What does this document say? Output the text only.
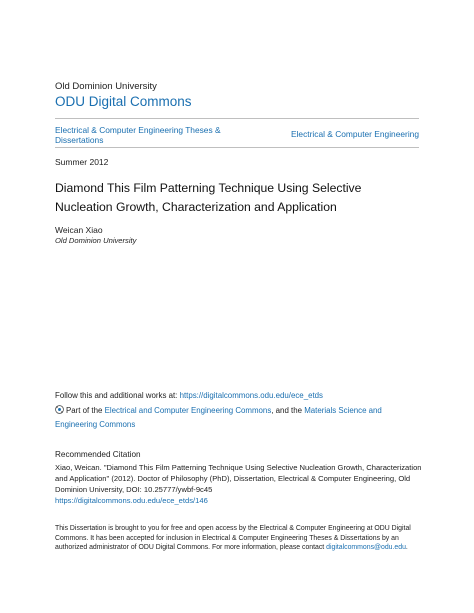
Old Dominion University
ODU Digital Commons
Electrical & Computer Engineering Theses & Dissertations
Electrical & Computer Engineering
Summer 2012
Diamond This Film Patterning Technique Using Selective Nucleation Growth, Characterization and Application
Weican Xiao
Old Dominion University
Follow this and additional works at: https://digitalcommons.odu.edu/ece_etds
Part of the Electrical and Computer Engineering Commons, and the Materials Science and Engineering Commons
Recommended Citation
Xiao, Weican. "Diamond This Film Patterning Technique Using Selective Nucleation Growth, Characterization and Application" (2012). Doctor of Philosophy (PhD), Dissertation, Electrical & Computer Engineering, Old Dominion University, DOI: 10.25777/ywbf-9c45
https://digitalcommons.odu.edu/ece_etds/146
This Dissertation is brought to you for free and open access by the Electrical & Computer Engineering at ODU Digital Commons. It has been accepted for inclusion in Electrical & Computer Engineering Theses & Dissertations by an authorized administrator of ODU Digital Commons. For more information, please contact digitalcommons@odu.edu.
